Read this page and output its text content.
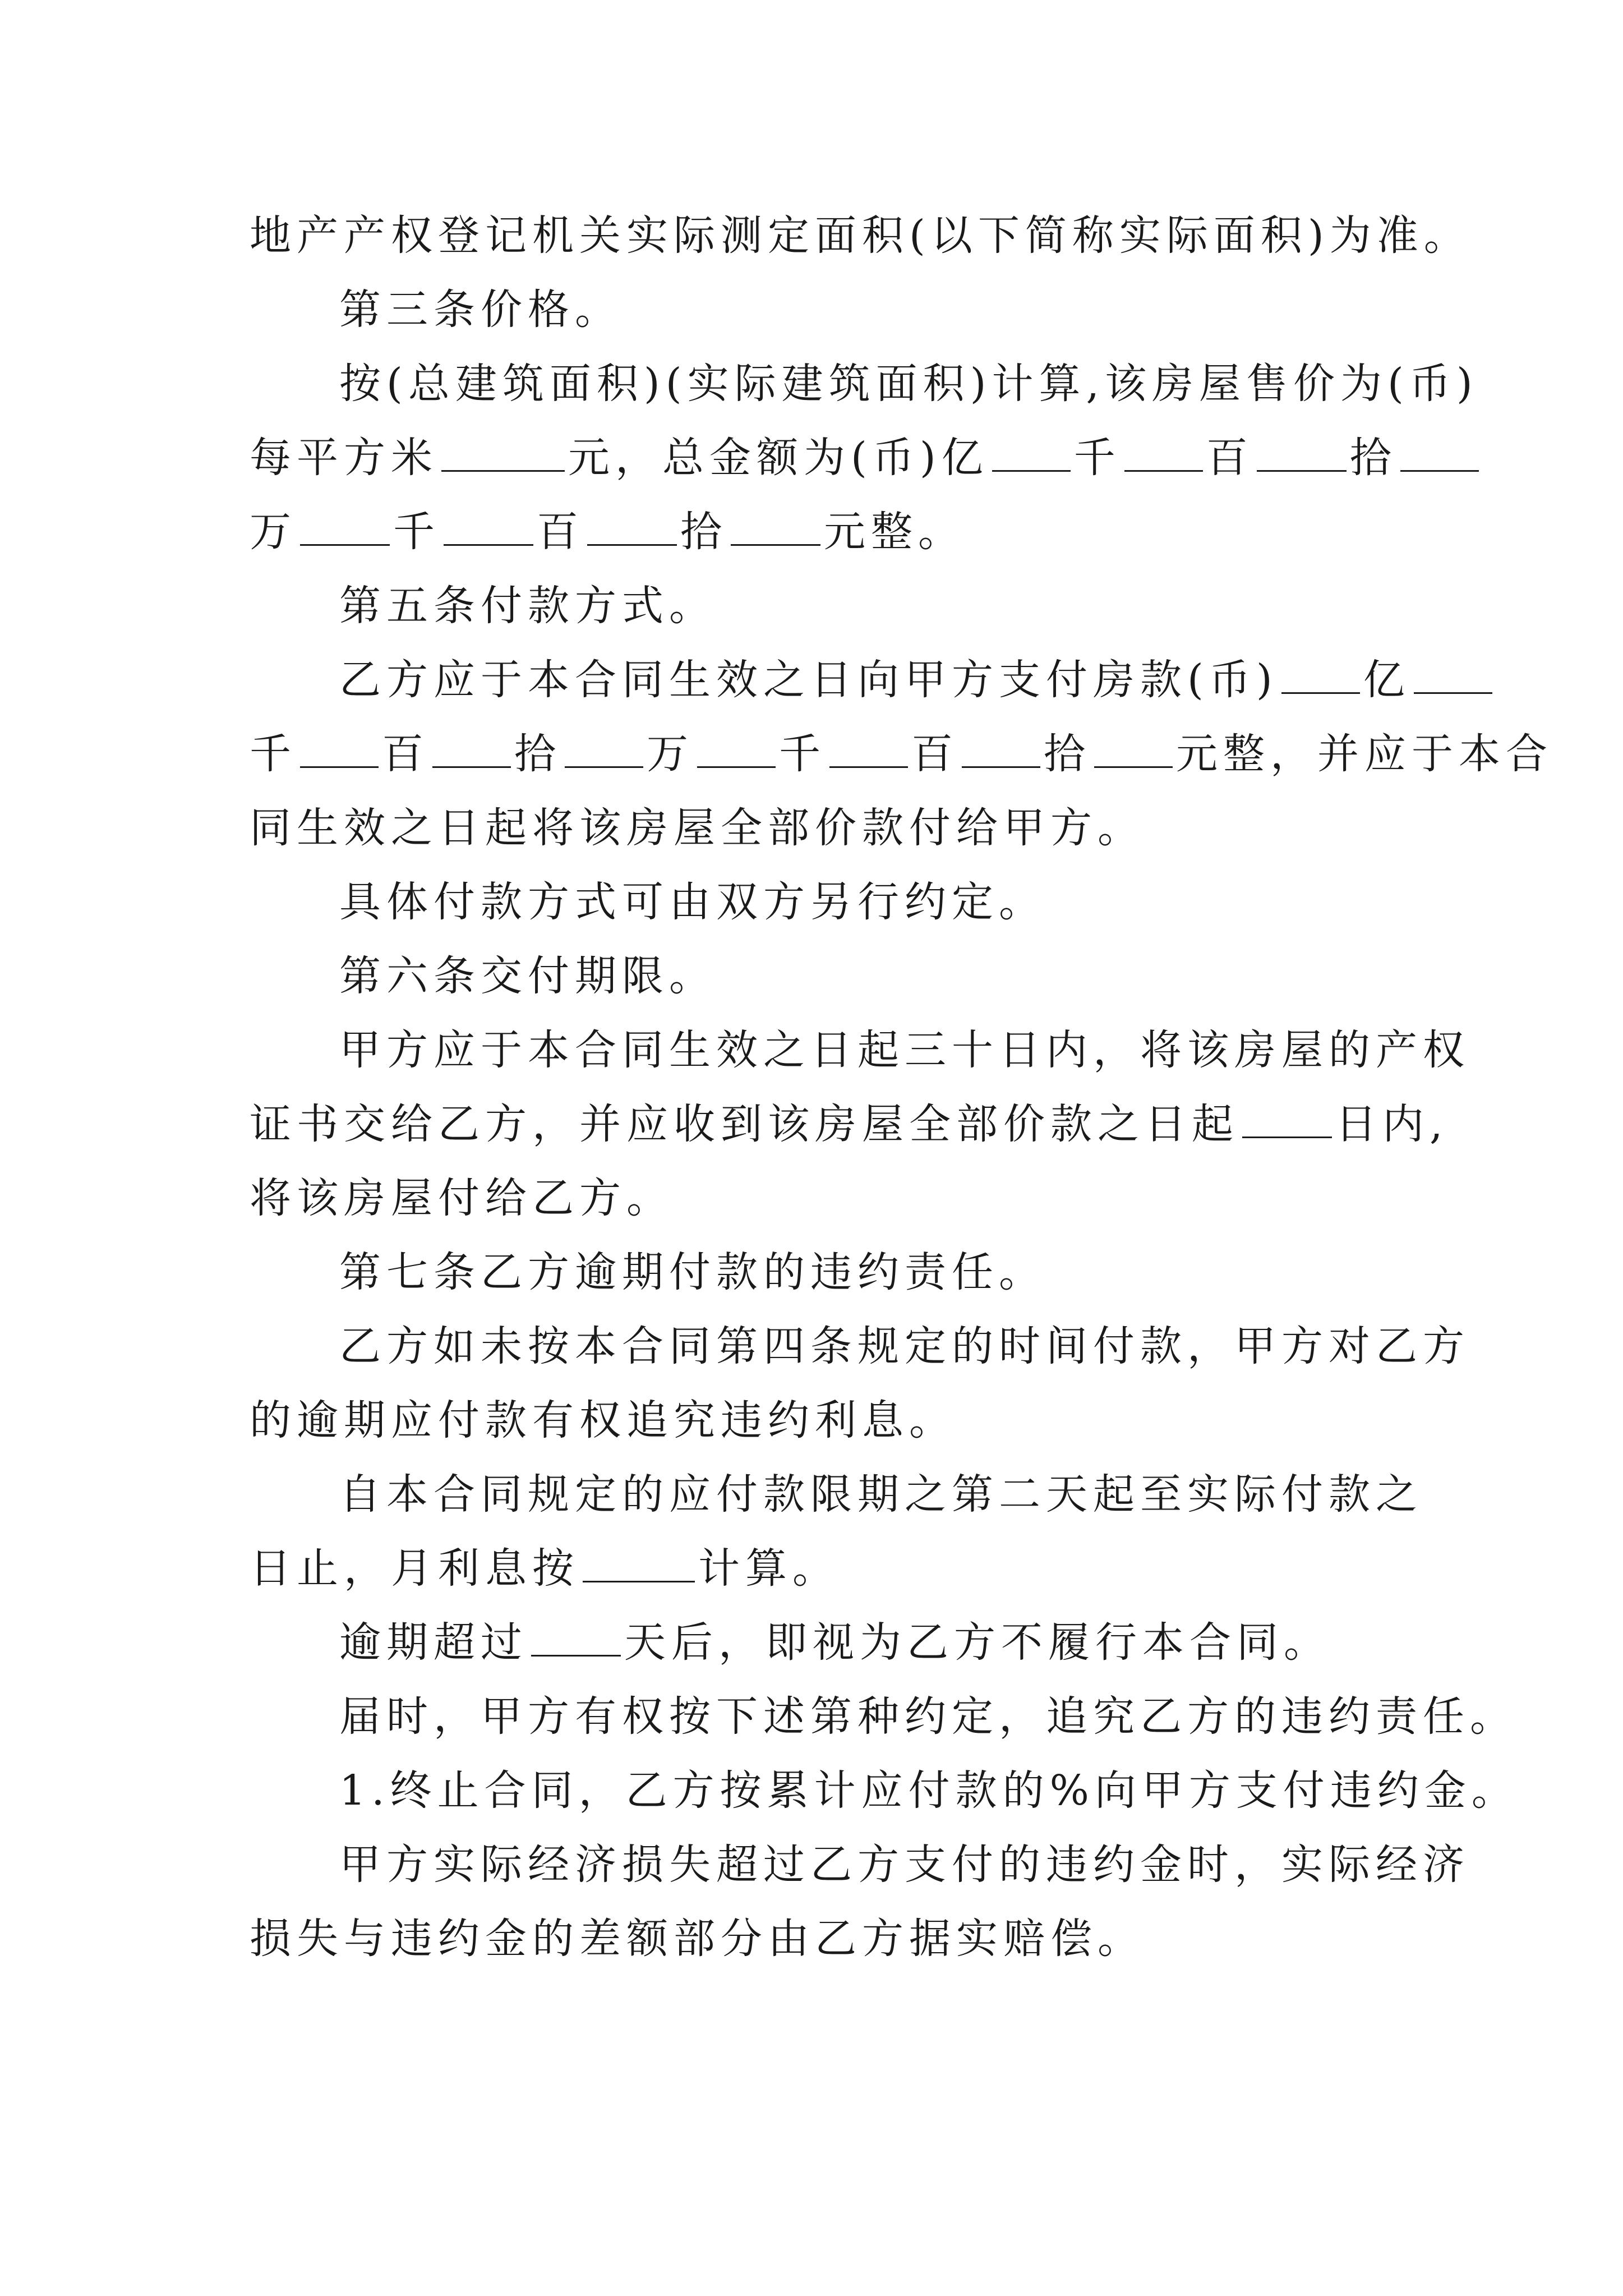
地产产权登记机关实际测定面积(以下简称实际面积)为准。
第三条价格。
按(总建筑面积)(实际建筑面积)计算,该房屋售价为(币)
每平方米	元，总金额为(币)亿 千 百 拾
万 千 百 拾 元整。
第五条付款方式。
乙方应于本合同生效之日向甲方支付房款(币) 亿
千 百 拾 万 千 百 拾 元整，并应于本合
同生效之日起将该房屋全部价款付给甲方。
具体付款方式可由双方另行约定。
第六条交付期限。
甲方应于本合同生效之日起三十日内，将该房屋的产权
证书交给乙方，并应收到该房屋全部价款之日起 日内,
将该房屋付给乙方。
第七条乙方逾期付款的违约责任。
乙方如未按本合同第四条规定的时间付款，甲方对乙方
的逾期应付款有权追究违约利息。
自本合同规定的应付款限期之第二天起至实际付款之
日止，月利息按	计算。
逾期超过 天后，即视为乙方不履行本合同。
届时，甲方有权按下述第种约定，追究乙方的违约责任。
1.终止合同，乙方按累计应付款的%向甲方支付违约金。
甲方实际经济损失超过乙方支付的违约金时，实际经济
损失与违约金的差额部分由乙方据实赔偿。
